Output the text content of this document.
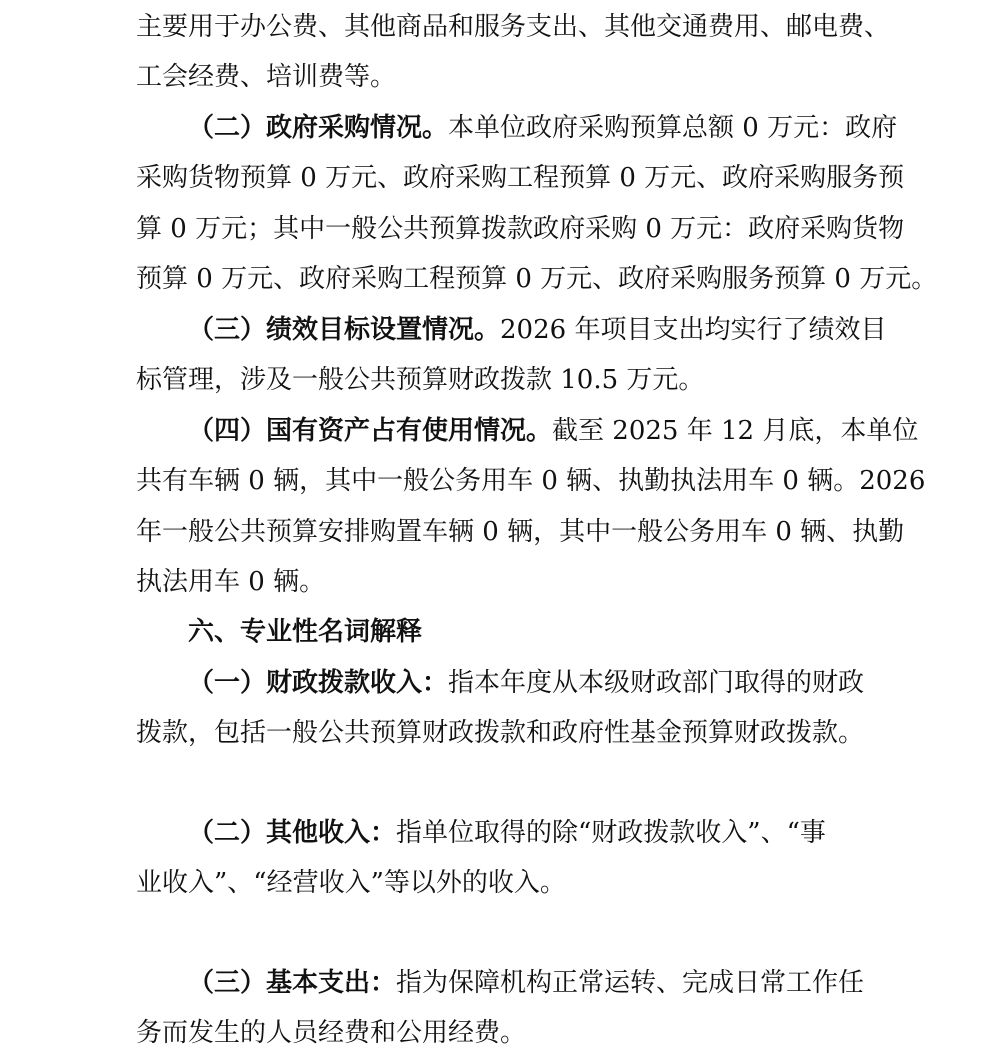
主要用于办公费、其他商品和服务支出、其他交通费用、邮电费、
工会经费、培训费等。
（二）政府采购情况。本单位政府采购预算总额 0 万元：政府
采购货物预算 0 万元、政府采购工程预算 0 万元、政府采购服务预
算 0 万元；其中一般公共预算拨款政府采购 0 万元：政府采购货物
预算 0 万元、政府采购工程预算 0 万元、政府采购服务预算 0 万元。
（三）绩效目标设置情况。2026 年项目支出均实行了绩效目
标管理，涉及一般公共预算财政拨款 10.5 万元。
（四）国有资产占有使用情况。截至 2025 年 12 月底，本单位
共有车辆 0 辆，其中一般公务用车 0 辆、执勤执法用车 0 辆。2026
年一般公共预算安排购置车辆 0 辆，其中一般公务用车 0 辆、执勤
执法用车 0 辆。
六、专业性名词解释
（一）财政拨款收入：指本年度从本级财政部门取得的财政
拨款，包括一般公共预算财政拨款和政府性基金预算财政拨款。
（二）其他收入：指单位取得的除“财政拨款收入”、“事
业收入”、“经营收入”等以外的收入。
（三）基本支出：指为保障机构正常运转、完成日常工作任
务而发生的人员经费和公用经费。
